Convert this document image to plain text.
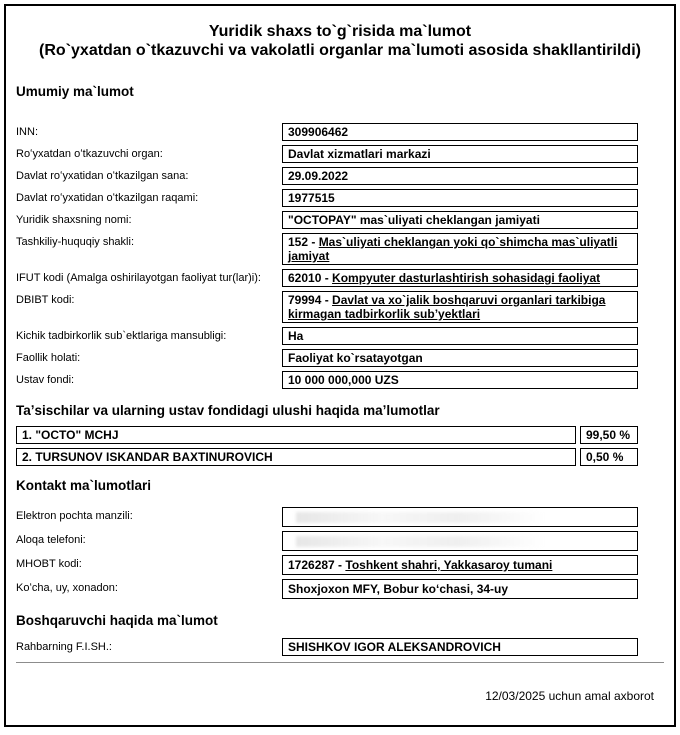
Yuridik shaxs to`g`risida ma`lumot
(Ro`yxatdan o`tkazuvchi va vakolatli organlar ma`lumoti asosida shakllantirildi)
Umumiy ma`lumot
INN:	309906462
Roʻyxatdan oʻtkazuvchi organ:	Davlat xizmatlari markazi
Davlat roʻyxatidan oʻtkazilgan sana:	29.09.2022
Davlat roʻyxatidan oʻtkazilgan raqami:	1977515
Yuridik shaxsning nomi:	"OCTOPAY" mas`uliyati cheklangan jamiyati
Tashkiliy-huquqiy shakli:	152 - Mas`uliyati cheklangan yoki qo`shimcha mas`uliyatli jamiyat
IFUT kodi (Amalga oshirilayotgan faoliyat tur(lar)i):	62010 - Kompyuter dasturlashtirish sohasidagi faoliyat
DBIBT kodi:	79994 - Davlat va xo`jalik boshqaruvi organlari tarkibiga kirmagan tadbirkorlik subʼyektlari
Kichik tadbirkorlik sub`ektlariga mansubligi:	Ha
Faollik holati:	Faoliyat ko`rsatayotgan
Ustav fondi:	10 000 000,000 UZS
Taʼsischilar va ularning ustav fondidagi ulushi haqida maʼlumotlar
1. "OCTO" MCHJ	99,50 %
2. TURSUNOV ISKANDAR BAXTINUROVICH	0,50 %
Kontakt ma`lumotlari
Elektron pochta manzili:
Aloqa telefoni:
MHOBT kodi:	1726287 - Toshkent shahri, Yakkasaroy tumani
Koʻcha, uy, xonadon:	Shoxjoxon MFY, Bobur koʻchasi, 34-uy
Boshqaruvchi haqida ma`lumot
Rahbarning F.I.SH.:	SHISHKOV IGOR ALEKSANDROVICH
12/03/2025 uchun amal axborot
